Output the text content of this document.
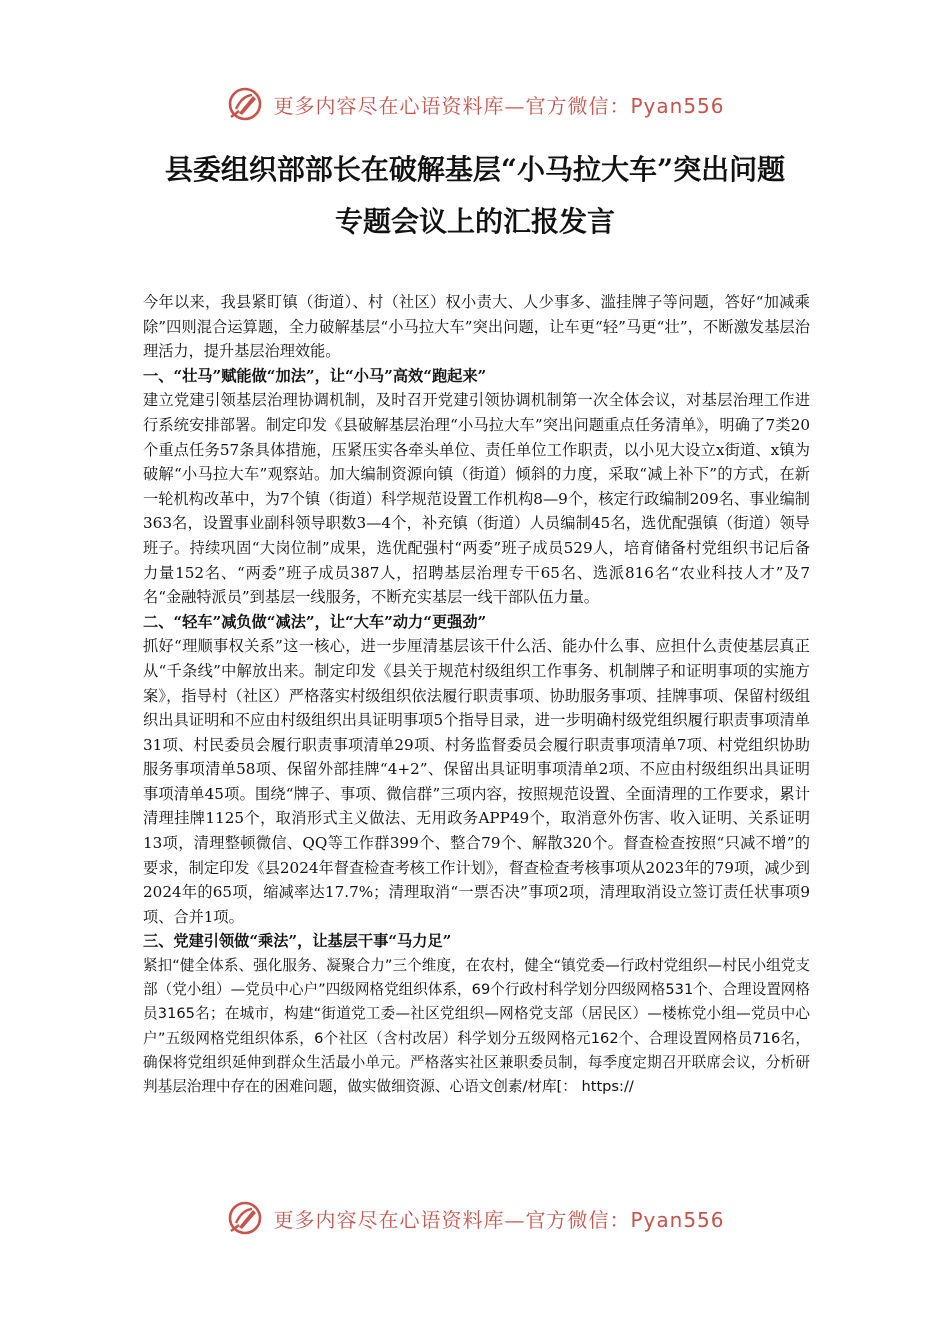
更多内容尽在心语资料库—官方微信：Pyan556
县委组织部部长在破解基层“小马拉大车”突出问题
专题会议上的汇报发言

今年以来，我县紧盯镇（街道）、村（社区）权小责大、人少事多、滥挂牌子等问题，答好“加减乘除”四则混合运算题，全力破解基层“小马拉大车”突出问题，让车更“轻”马更“壮”，不断激发基层治理活力，提升基层治理效能。

一、“壮马”赋能做“加法”，让“小马”高效“跑起来”

建立党建引领基层治理协调机制，及时召开党建引领协调机制第一次全体会议，对基层治理工作进行系统安排部署。制定印发《县破解基层治理“小马拉大车”突出问题重点任务清单》，明确了7类20个重点任务57条具体措施，压紧压实各牵头单位、责任单位工作职责，以小见大设立x街道、x镇为破解“小马拉大车”观察站。加大编制资源向镇（街道）倾斜的力度，采取“减上补下”的方式，在新一轮机构改革中，为7个镇（街道）科学规范设置工作机构8—9个，核定行政编制209名、事业编制363名，设置事业副科领导职数3—4个，补充镇（街道）人员编制45名，选优配强镇（街道）领导班子。持续巩固“大岗位制”成果，选优配强村“两委”班子成员529人，培育储备村党组织书记后备力量152名、“两委”班子成员387人，招聘基层治理专干65名、选派816名“农业科技人才”及7名“金融特派员”到基层一线服务，不断充实基层一线干部队伍力量。

二、“轻车”减负做“减法”，让“大车”动力“更强劲”

抓好“理顺事权关系”这一核心，进一步厘清基层该干什么活、能办什么事、应担什么责使基层真正从“千条线”中解放出来。制定印发《县关于规范村级组织工作事务、机制牌子和证明事项的实施方案》，指导村（社区）严格落实村级组织依法履行职责事项、协助服务事项、挂牌事项、保留村级组织出具证明和不应由村级组织出具证明事项5个指导目录，进一步明确村级党组织履行职责事项清单31项、村民委员会履行职责事项清单29项、村务监督委员会履行职责事项清单7项、村党组织协助服务事项清单58项、保留外部挂牌“4+2”、保留出具证明事项清单2项、不应由村级组织出具证明事项清单45项。围绕“牌子、事项、微信群”三项内容，按照规范设置、全面清理的工作要求，累计清理挂牌1125个，取消形式主义做法、无用政务APP49个，取消意外伤害、收入证明、关系证明13项，清理整顿微信、QQ等工作群399个、整合79个、解散320个。督查检查按照“只减不增”的要求，制定印发《县2024年督查检查考核工作计划》，督查检查考核事项从2023年的79项，减少到2024年的65项，缩减率达17.7%；清理取消“一票否决”事项2项，清理取消设立签订责任状事项9项、合并1项。

三、党建引领做“乘法”，让基层干事“马力足”

紧扣“健全体系、强化服务、凝聚合力”三个维度，在农村，健全“镇党委—行政村党组织—村民小组党支部（党小组）—党员中心户”四级网格党组织体系，69个行政村科学划分四级网格531个、合理设置网格员3165名；在城市，构建“街道党工委—社区党组织—网格党支部（居民区）—楼栋党小组—党员中心户”五级网格党组织体系，6个社区（含村改居）科学划分五级网格元162个、合理设置网格员716名，确保将党组织延伸到群众生活最小单元。严格落实社区兼职委员制，每季度定期召开联席会议，分析研判基层治理中存在的困难问题，做实做细资源、心语文创素/材库[： https://

更多内容尽在心语资料库—官方微信：Pyan556
